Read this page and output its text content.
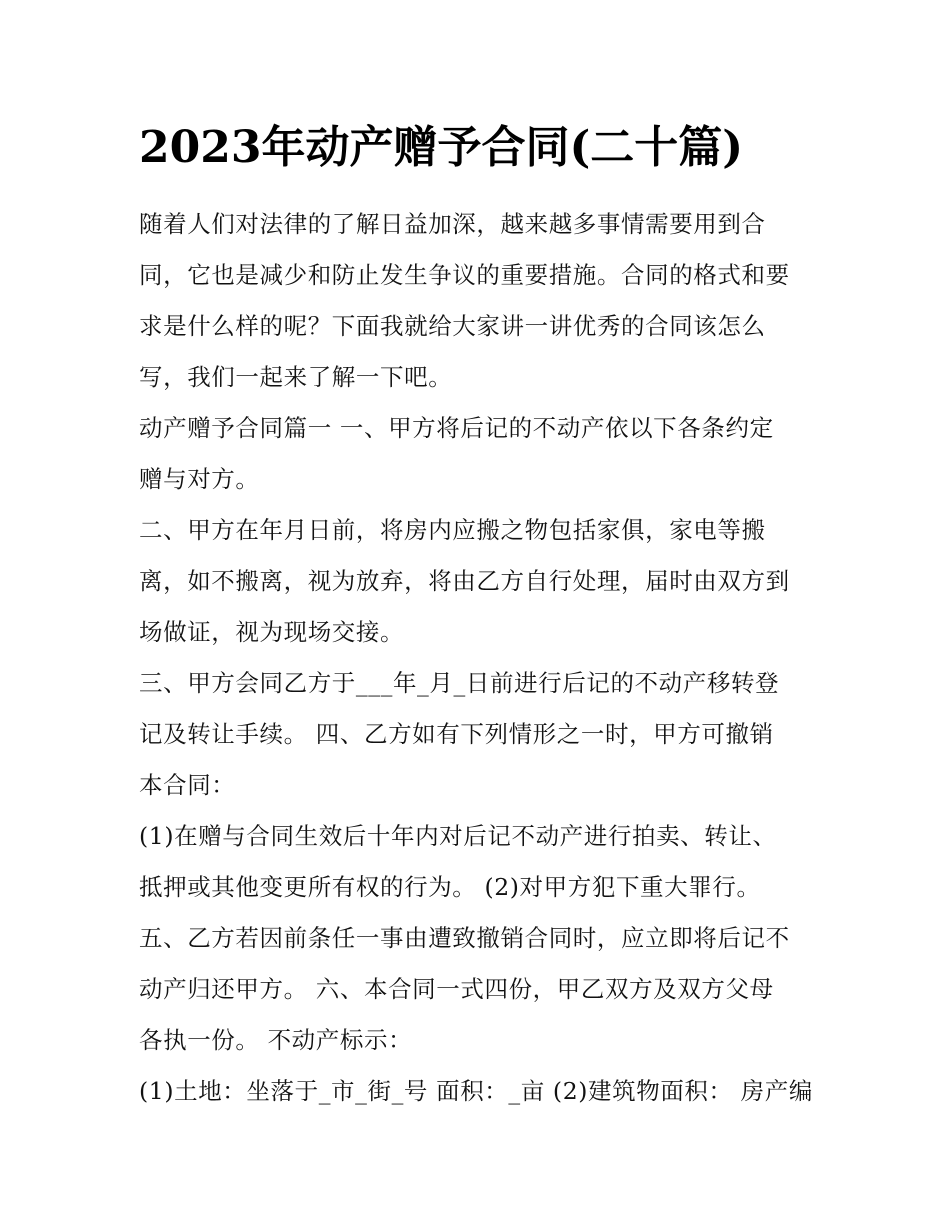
2023年动产赠予合同(二十篇)
随着人们对法律的了解日益加深，越来越多事情需要用到合
同，它也是减少和防止发生争议的重要措施。合同的格式和要
求是什么样的呢？下面我就给大家讲一讲优秀的合同该怎么
写，我们一起来了解一下吧。
动产赠予合同篇一 一、甲方将后记的不动产依以下各条约定
赠与对方。
二、甲方在年月日前，将房内应搬之物包括家俱，家电等搬
离，如不搬离，视为放弃，将由乙方自行处理，届时由双方到
场做证，视为现场交接。
三、甲方会同乙方于___年_月_日前进行后记的不动产移转登
记及转让手续。 四、乙方如有下列情形之一时，甲方可撤销
本合同：
(1)在赠与合同生效后十年内对后记不动产进行拍卖、转让、
抵押或其他变更所有权的行为。 (2)对甲方犯下重大罪行。
五、乙方若因前条任一事由遭致撤销合同时，应立即将后记不
动产归还甲方。 六、本合同一式四份，甲乙双方及双方父母
各执一份。 不动产标示：
(1)土地：坐落于_市_街_号 面积：_亩 (2)建筑物面积： 房产编
